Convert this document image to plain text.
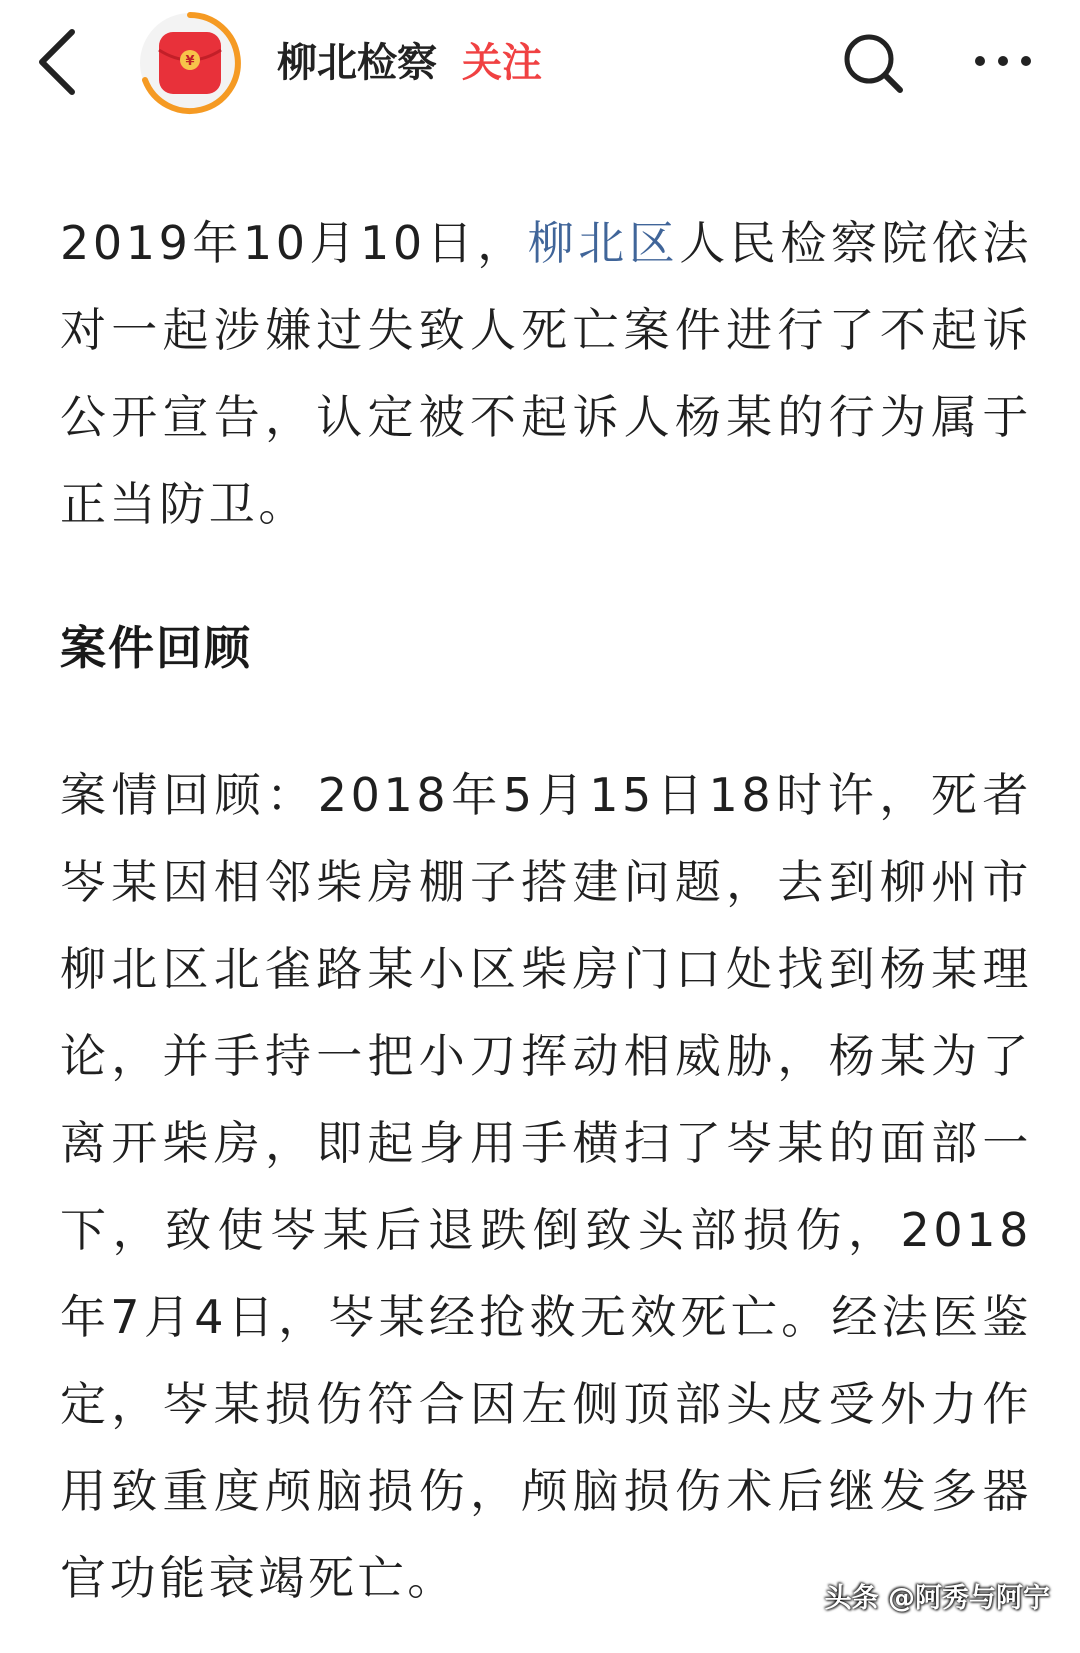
¥ 柳北检察 关注

2019年10月10日，柳北区人民检察院依法对一起涉嫌过失致人死亡案件进行了不起诉公开宣告，认定被不起诉人杨某的行为属于正当防卫。

案件回顾

案情回顾：2018年5月15日18时许，死者岑某因相邻柴房棚子搭建问题，去到柳州市柳北区北雀路某小区柴房门口处找到杨某理论，并手持一把小刀挥动相威胁，杨某为了离开柴房，即起身用手横扫了岑某的面部一下，致使岑某后退跌倒致头部损伤，2018年7月4日，岑某经抢救无效死亡。经法医鉴定，岑某损伤符合因左侧顶部头皮受外力作用致重度颅脑损伤，颅脑损伤术后继发多器官功能衰竭死亡。	头条 @阿秀与阿宁
